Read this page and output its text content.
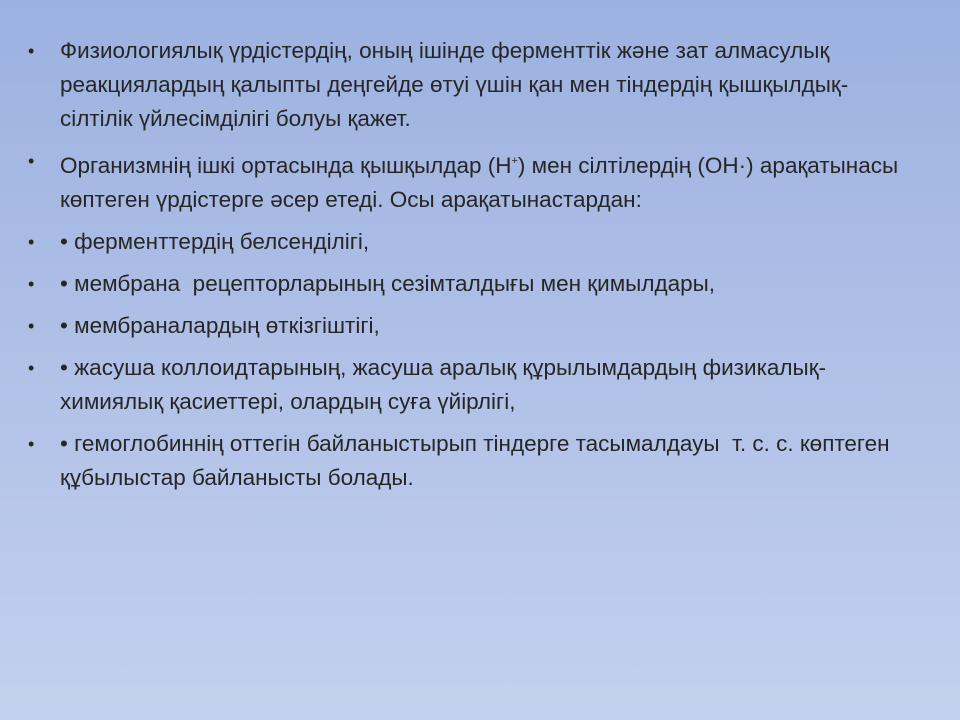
• Физиологиялық үрдістердің, оның ішінде ферменттік және зат алмасулық реакциялардың қалыпты деңгейде өтуі үшін қан мен тіндердің қышқылдық-сілтілік үйлесімділігі болуы қажет.
• Организмнің ішкі ортасында қышқылдар (Н+) мен сілтілердің (ОН·) арақатынасы көптеген үрдістерге әсер етеді. Осы арақатынастардан:
• • ферменттердің белсенділігі,
• • мембрана  рецепторларының сезімталдығы мен қимылдары,
• • мембраналардың өткізгіштігі,
• • жасуша коллоидтарының, жасуша аралық құрылымдардың физикалық-химиялық қасиеттері, олардың суға үйірлігі,
• • гемоглобиннің оттегін байланыстырып тіндерге тасымалдауы  т. с. с. көптеген құбылыстар байланысты болады.
